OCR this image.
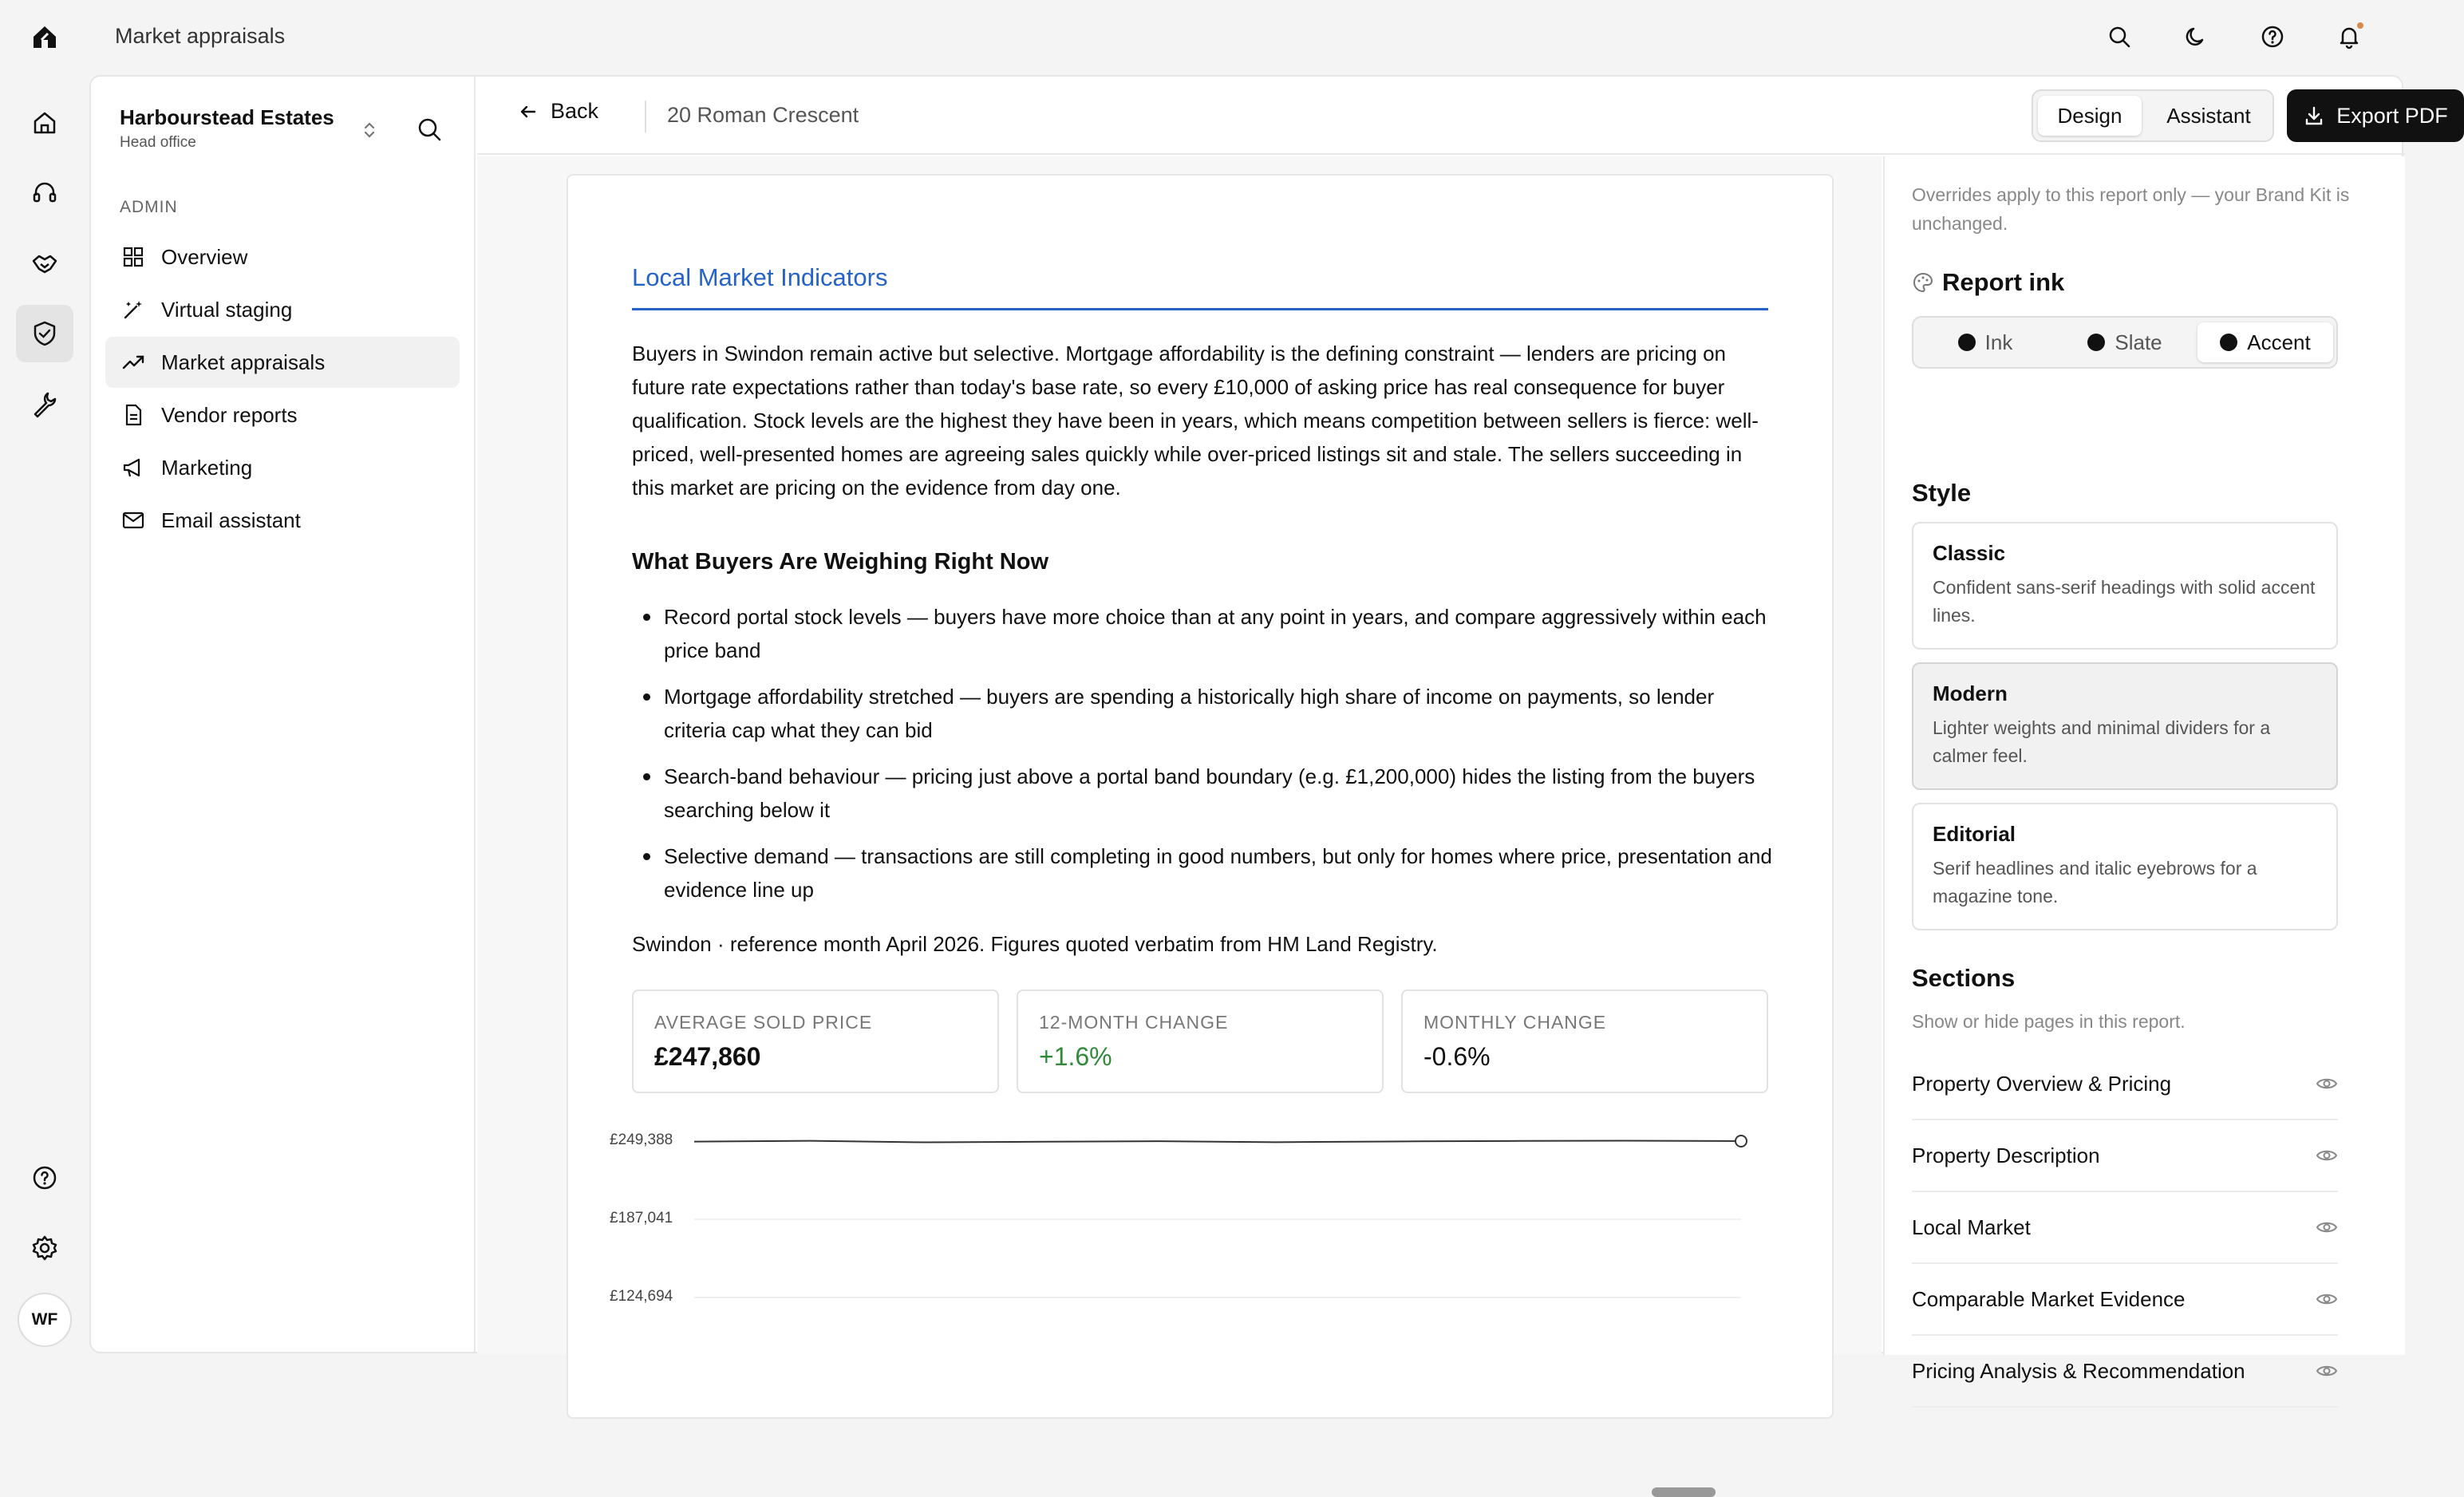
Market appraisals
WF
Harbourstead Estates
Head office
ADMIN
Overview
Virtual staging
Market appraisals
Vendor reports
Marketing
Email assistant
Back	20 Roman Crescent	Design	Assistant	Export PDF
Local Market Indicators
Buyers in Swindon remain active but selective. Mortgage affordability is the defining constraint — lenders are pricing on future rate expectations rather than today's base rate, so every £10,000 of asking price has real consequence for buyer qualification. Stock levels are the highest they have been in years, which means competition between sellers is fierce: well-priced, well-presented homes are agreeing sales quickly while over-priced listings sit and stale. The sellers succeeding in this market are pricing on the evidence from day one.
What Buyers Are Weighing Right Now
Record portal stock levels — buyers have more choice than at any point in years, and compare aggressively within each price band
Mortgage affordability stretched — buyers are spending a historically high share of income on payments, so lender criteria cap what they can bid
Search-band behaviour — pricing just above a portal band boundary (e.g. £1,200,000) hides the listing from the buyers searching below it
Selective demand — transactions are still completing in good numbers, but only for homes where price, presentation and evidence line up
Swindon · reference month April 2026. Figures quoted verbatim from HM Land Registry.
AVERAGE SOLD PRICE
£247,860
12-MONTH CHANGE
+1.6%
MONTHLY CHANGE
-0.6%
£249,388
£187,041
£124,694
Overrides apply to this report only — your Brand Kit is unchanged.
Report ink
Ink	Slate	Accent
Style
Classic
Confident sans-serif headings with solid accent lines.
Modern
Lighter weights and minimal dividers for a calmer feel.
Editorial
Serif headlines and italic eyebrows for a magazine tone.
Sections
Show or hide pages in this report.
Property Overview & Pricing
Property Description
Local Market
Comparable Market Evidence
Pricing Analysis & Recommendation
